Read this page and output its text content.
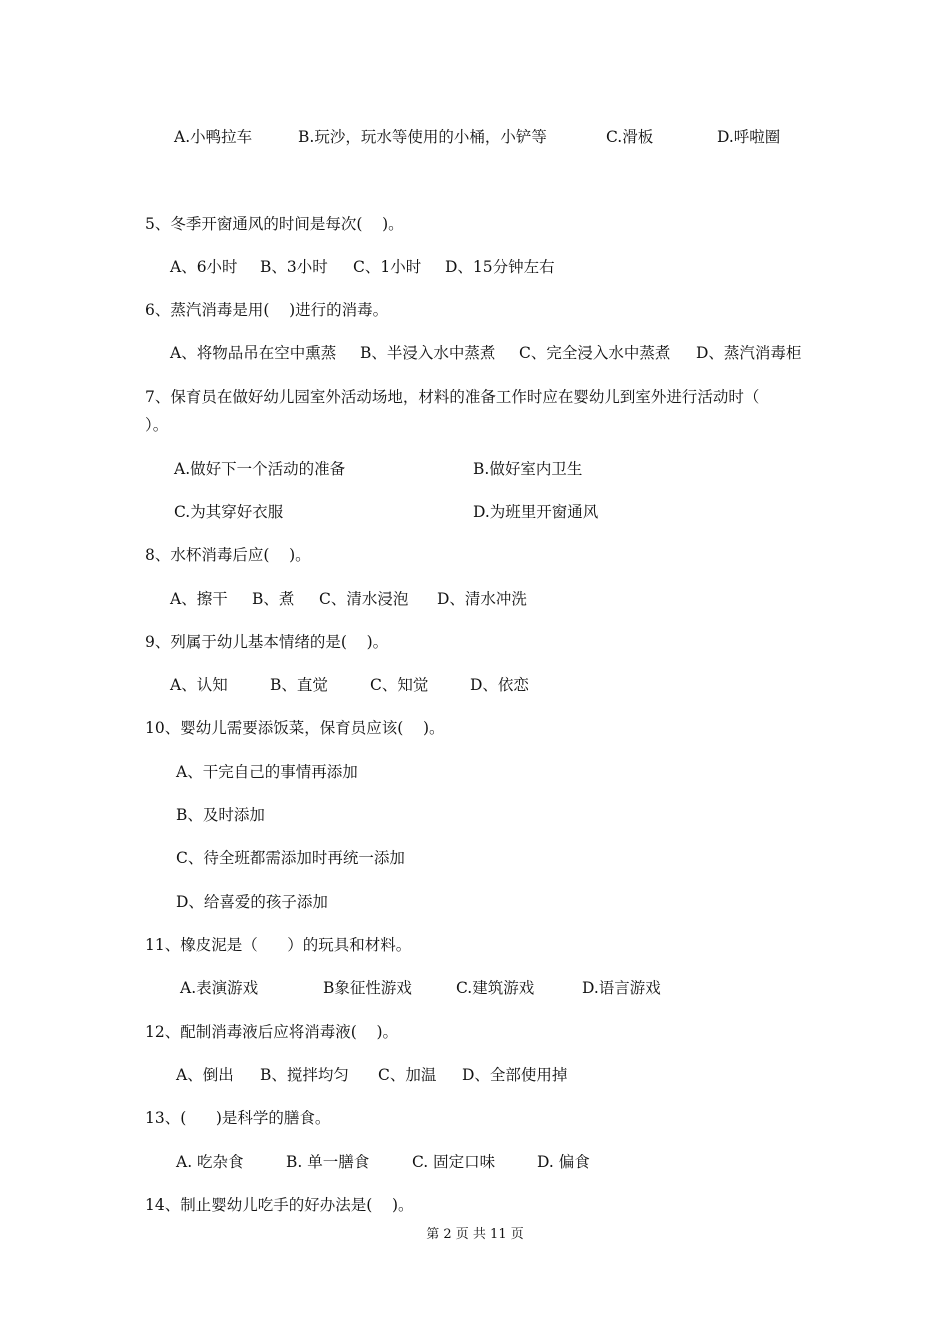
A.小鸭拉车	B.玩沙，玩水等使用的小桶，小铲等	C.滑板	D.呼啦圈
5、冬季开窗通风的时间是每次(    )。
A、6小时 B、3小时 C、1小时 D、15分钟左右
6、蒸汽消毒是用(    )进行的消毒。
A、将物品吊在空中熏蒸 B、半浸入水中蒸煮 C、完全浸入水中蒸煮 D、蒸汽消毒柜
7、保育员在做好幼儿园室外活动场地，材料的准备工作时应在婴幼儿到室外进行活动时（
）。
A.做好下一个活动的准备	B.做好室内卫生
C.为其穿好衣服	D.为班里开窗通风
8、水杯消毒后应(    )。
A、擦干 B、煮 C、清水浸泡 D、清水冲洗
9、列属于幼儿基本情绪的是(    )。
A、认知	B、直觉	C、知觉	D、依恋
10、婴幼儿需要添饭菜，保育员应该(    )。
A、干完自己的事情再添加
B、及时添加
C、待全班都需添加时再统一添加
D、给喜爱的孩子添加
11、橡皮泥是（      ）的玩具和材料。
A.表演游戏	B象征性游戏	C.建筑游戏	D.语言游戏
12、配制消毒液后应将消毒液(    )。
A、倒出 B、搅拌均匀 C、加温 D、全部使用掉
13、(      )是科学的膳食。
A. 吃杂食	B. 单一膳食	C. 固定口味	D. 偏食
14、制止婴幼儿吃手的好办法是(    )。
第 2 页 共 11 页
